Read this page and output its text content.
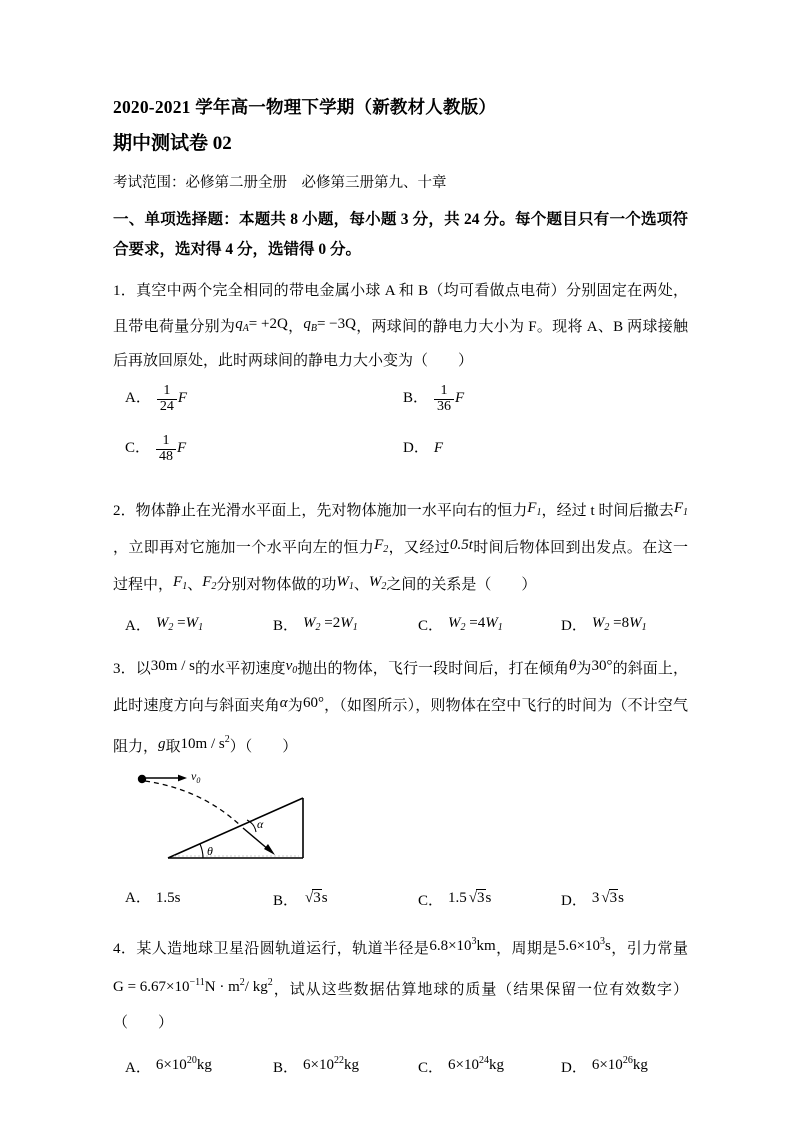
2020-2021 学年高一物理下学期（新教材人教版）
期中测试卷 02
考试范围：必修第二册全册　必修第三册第九、十章
一、单项选择题：本题共 8 小题，每小题 3 分，共 24 分。每个题目只有一个选项符合要求，选对得 4 分，选错得 0 分。
1．真空中两个完全相同的带电金属小球 A 和 B（均可看做点电荷）分别固定在两处，且带电荷量分别为$q_A= +2Q$，$q_B= -3Q$，两球间的静电力大小为 F。现将 A、B 两球接触后再放回原处，此时两球间的静电力大小变为（　　）
A． $\frac{1}{24}$ F	B． $\frac{1}{36}$ F
C． $\frac{1}{48}$ F	D． F
2．物体静止在光滑水平面上，先对物体施加一水平向右的恒力$F_1$，经过 t 时间后撤去$F_1$，立即再对它施加一个水平向左的恒力$F_2$，又经过0.5t时间后物体回到出发点。在这一过程中，$F_1$、$F_2$分别对物体做的功$W_1$、$W_2$之间的关系是（　　）
A． $W_2 =W_1$	B． $W_2 =2W_1$	C． $W_2 =4W_1$	D． $W_2 =8W_1$
3．以30m / s的水平初速度$v_0$抛出的物体，飞行一段时间后，打在倾角θ为30°的斜面上，此时速度方向与斜面夹角α为60°，（如图所示），则物体在空中飞行的时间为（不计空气阻力，g取$10m / s^2$）（　　）
θ
α
$v_0$
A． 1.5s	B． √3s	C． 1.5 √3s	D． 3 √3s
4．某人造地球卫星沿圆轨道运行，轨道半径是$6.8\times 10^3km$，周期是$5.6\times 10^3s$，引力常量$G = 6.67\times 10^{-11}N \cdot m^2/$ $kg^2$，试从这些数据估算地球的质量（结果保留一位有效数字）（　　）
A． $6\times 10^{20}kg$	B． $6\times 10^{22}kg$	C． $6\times 10^{24}kg$	D． $6\times 10^{26}kg$
